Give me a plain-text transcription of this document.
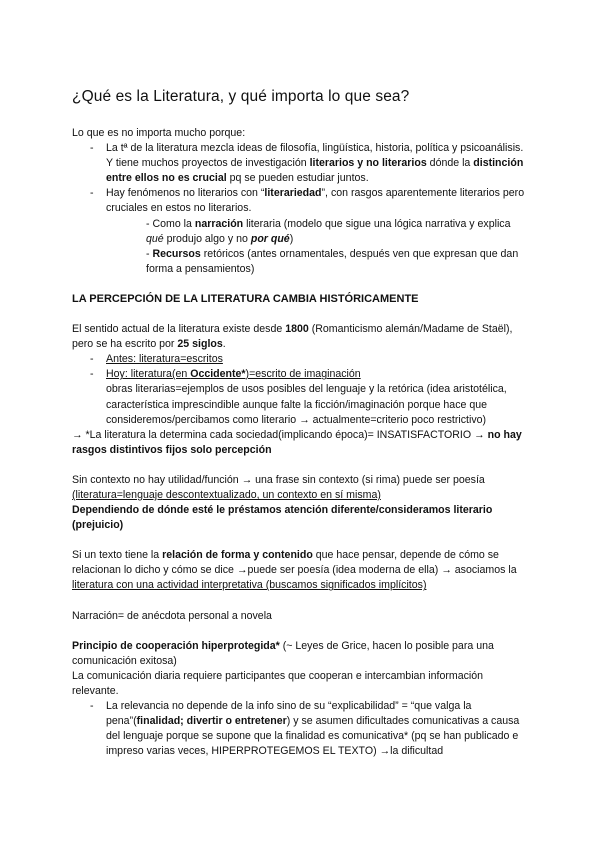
¿Qué es la Literatura, y qué importa lo que sea?

Lo que es no importa mucho porque:

- La tª de la literatura mezcla ideas de filosofía, lingüística, historia, política y psicoanálisis. Y tiene muchos proyectos de investigación literarios y no literarios dónde la distinción entre ellos no es crucial pq se pueden estudiar juntos.
- Hay fenómenos no literarios con “literariedad”, con rasgos aparentemente literarios pero cruciales en estos no literarios.
- Como la narración literaria (modelo que sigue una lógica narrativa y explica qué produjo algo y no por qué)
- Recursos retóricos (antes ornamentales, después ven que expresan que dan forma a pensamientos)

LA PERCEPCIÓN DE LA LITERATURA CAMBIA HISTÓRICAMENTE

El sentido actual de la literatura existe desde 1800 (Romanticismo alemán/Madame de Staël), pero se ha escrito por 25 siglos.

- Antes: literatura=escritos
- Hoy: literatura(en Occidente*)=escrito de imaginación
obras literarias=ejemplos de usos posibles del lenguaje y la retórica (idea aristotélica, característica imprescindible aunque falte la ficción/imaginación porque hace que consideremos/percibamos como literario → actualmente=criterio poco restrictivo)

→ *La literatura la determina cada sociedad(implicando época)= INSATISFACTORIO → no hay rasgos distintivos fijos solo percepción

Sin contexto no hay utilidad/función → una frase sin contexto (si rima) puede ser poesía

(literatura=lenguaje descontextualizado, un contexto en sí misma)

Dependiendo de dónde esté le préstamos atención diferente/consideramos literario (prejuicio)

Si un texto tiene la relación de forma y contenido que hace pensar, depende de cómo se relacionan lo dicho y cómo se dice →puede ser poesía (idea moderna de ella) → asociamos la literatura con una actividad interpretativa (buscamos significados implícitos)

Narración= de anécdota personal a novela

Principio de cooperación hiperprotegida* (~ Leyes de Grice, hacen lo posible para una comunicación exitosa)

La comunicación diaria requiere participantes que cooperan e intercambian información relevante.

- La relevancia no depende de la info sino de su “explicabilidad” = “que valga la pena”(finalidad; divertir o entretener) y se asumen dificultades comunicativas a causa del lenguaje porque se supone que la finalidad es comunicativa* (pq se han publicado e impreso varias veces, HIPERPROTEGEMOS EL TEXTO) →la dificultad
